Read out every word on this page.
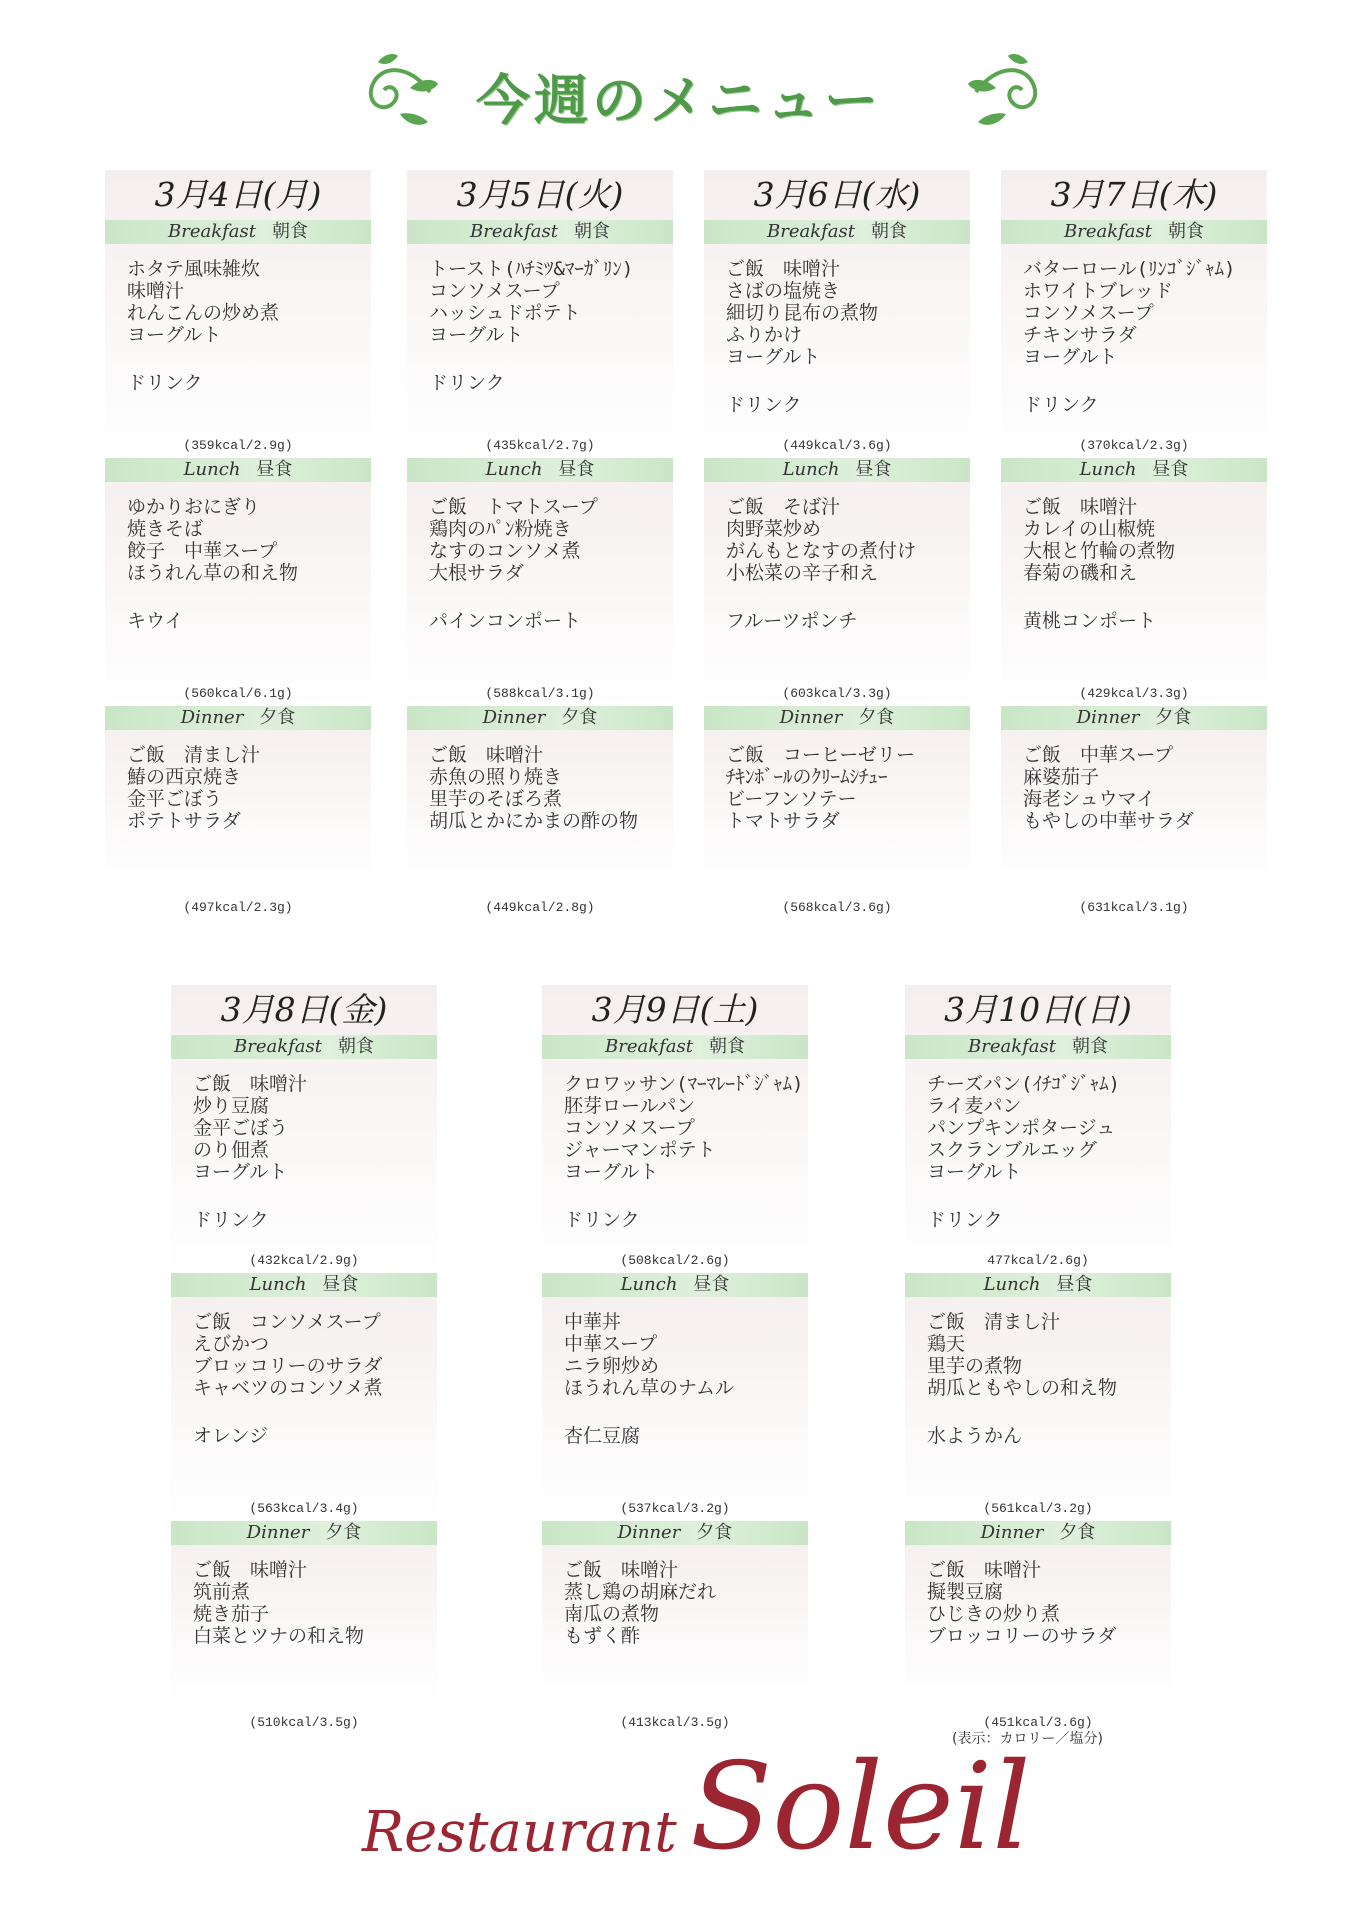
今週のメニュー
3月4日(月)
Breakfast 朝食
ホタテ風味雑炊
味噌汁
れんこんの炒め煮
ヨーグルト
ドリンク
(359kcal/2.9g)
Lunch 昼食
ゆかりおにぎり
焼きそば
餃子　中華スープ
ほうれん草の和え物
キウイ
(560kcal/6.1g)
Dinner 夕食
ご飯　清まし汁
鰆の西京焼き
金平ごぼう
ポテトサラダ
(497kcal/2.3g)
3月5日(火)
Breakfast 朝食
トースト(ﾊﾁﾐﾂ&ﾏｰｶﾞﾘﾝ)
コンソメスープ
ハッシュドポテト
ヨーグルト
ドリンク
(435kcal/2.7g)
Lunch 昼食
ご飯　トマトスープ
鶏肉のﾊﾟﾝ粉焼き
なすのコンソメ煮
大根サラダ
パインコンポート
(588kcal/3.1g)
Dinner 夕食
ご飯　味噌汁
赤魚の照り焼き
里芋のそぼろ煮
胡瓜とかにかまの酢の物
(449kcal/2.8g)
3月6日(水)
Breakfast 朝食
ご飯　味噌汁
さばの塩焼き
細切り昆布の煮物
ふりかけ
ヨーグルト
ドリンク
(449kcal/3.6g)
Lunch 昼食
ご飯　そば汁
肉野菜炒め
がんもとなすの煮付け
小松菜の辛子和え
フルーツポンチ
(603kcal/3.3g)
Dinner 夕食
ご飯　コーヒーゼリー
ﾁｷﾝﾎﾞｰﾙのｸﾘｰﾑｼﾁｭｰ
ビーフンソテー
トマトサラダ
(568kcal/3.6g)
3月7日(木)
Breakfast 朝食
バターロール(ﾘﾝｺﾞｼﾞｬﾑ)
ホワイトブレッド
コンソメスープ
チキンサラダ
ヨーグルト
ドリンク
(370kcal/2.3g)
Lunch 昼食
ご飯　味噌汁
カレイの山椒焼
大根と竹輪の煮物
春菊の磯和え
黄桃コンポート
(429kcal/3.3g)
Dinner 夕食
ご飯　中華スープ
麻婆茄子
海老シュウマイ
もやしの中華サラダ
(631kcal/3.1g)
3月8日(金)
Breakfast 朝食
ご飯　味噌汁
炒り豆腐
金平ごぼう
のり佃煮
ヨーグルト
ドリンク
(432kcal/2.9g)
Lunch 昼食
ご飯　コンソメスープ
えびかつ
ブロッコリーのサラダ
キャベツのコンソメ煮
オレンジ
(563kcal/3.4g)
Dinner 夕食
ご飯　味噌汁
筑前煮
焼き茄子
白菜とツナの和え物
(510kcal/3.5g)
3月9日(土)
Breakfast 朝食
クロワッサン(ﾏｰﾏﾚｰﾄﾞｼﾞｬﾑ)
胚芽ロールパン
コンソメスープ
ジャーマンポテト
ヨーグルト
ドリンク
(508kcal/2.6g)
Lunch 昼食
中華丼
中華スープ
ニラ卵炒め
ほうれん草のナムル
杏仁豆腐
(537kcal/3.2g)
Dinner 夕食
ご飯　味噌汁
蒸し鶏の胡麻だれ
南瓜の煮物
もずく酢
(413kcal/3.5g)
3月10日(日)
Breakfast 朝食
チーズパン(ｲﾁｺﾞｼﾞｬﾑ)
ライ麦パン
パンプキンポタージュ
スクランブルエッグ
ヨーグルト
ドリンク
477kcal/2.6g)
Lunch 昼食
ご飯　清まし汁
鶏天
里芋の煮物
胡瓜ともやしの和え物
水ようかん
(561kcal/3.2g)
Dinner 夕食
ご飯　味噌汁
擬製豆腐
ひじきの炒り煮
ブロッコリーのサラダ
(451kcal/3.6g)
(表示：カロリー／塩分)
Restaurant Soleil
